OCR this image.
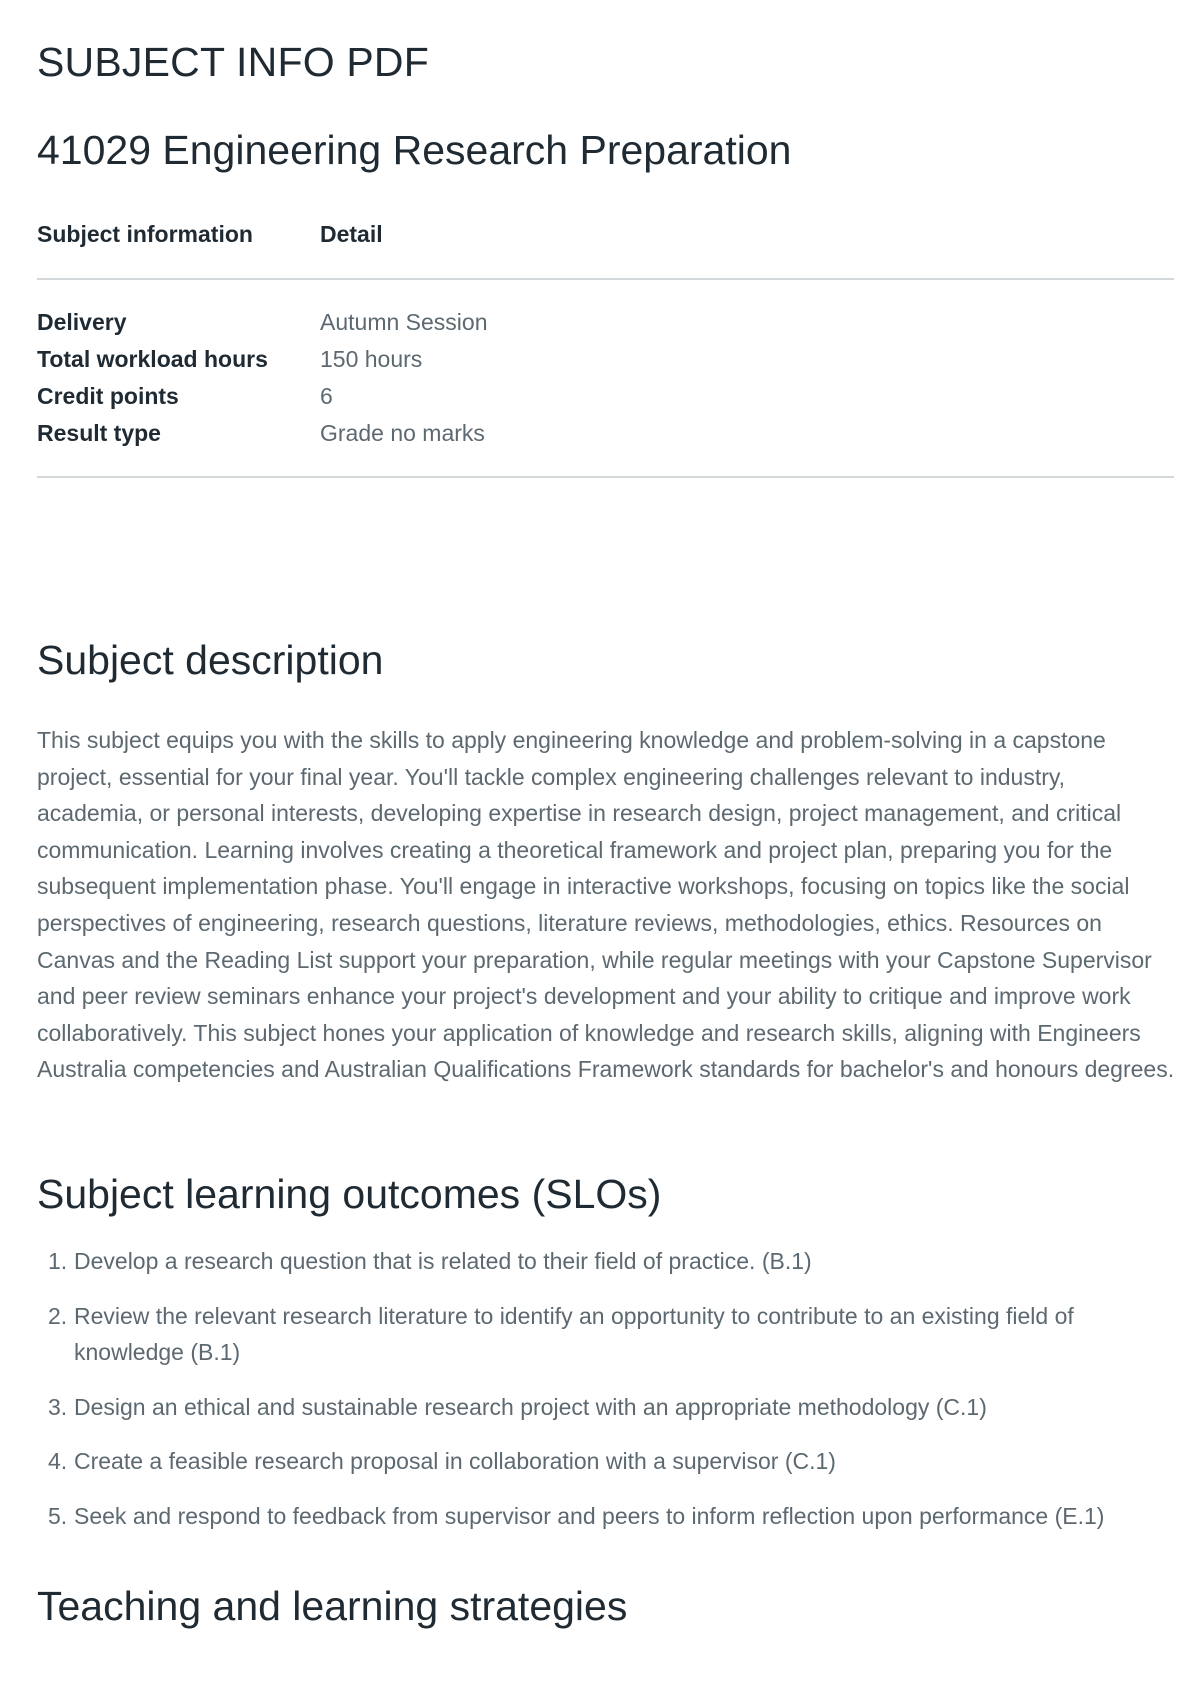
SUBJECT INFO PDF
41029 Engineering Research Preparation
Subject information	Detail
Delivery	Autumn Session
Total workload hours	150 hours
Credit points	6
Result type	Grade no marks
Subject description

This subject equips you with the skills to apply engineering knowledge and problem-solving in a capstone project, essential for your final year. You'll tackle complex engineering challenges relevant to industry, academia, or personal interests, developing expertise in research design, project management, and critical communication. Learning involves creating a theoretical framework and project plan, preparing you for the subsequent implementation phase. You'll engage in interactive workshops, focusing on topics like the social perspectives of engineering, research questions, literature reviews, methodologies, ethics. Resources on Canvas and the Reading List support your preparation, while regular meetings with your Capstone Supervisor and peer review seminars enhance your project's development and your ability to critique and improve work collaboratively. This subject hones your application of knowledge and research skills, aligning with Engineers Australia competencies and Australian Qualifications Framework standards for bachelor's and honours degrees.

Subject learning outcomes (SLOs)
1. Develop a research question that is related to their field of practice. (B.1)
2. Review the relevant research literature to identify an opportunity to contribute to an existing field of knowledge (B.1)
3. Design an ethical and sustainable research project with an appropriate methodology (C.1)
4. Create a feasible research proposal in collaboration with a supervisor (C.1)
5. Seek and respond to feedback from supervisor and peers to inform reflection upon performance (E.1)
Teaching and learning strategies
